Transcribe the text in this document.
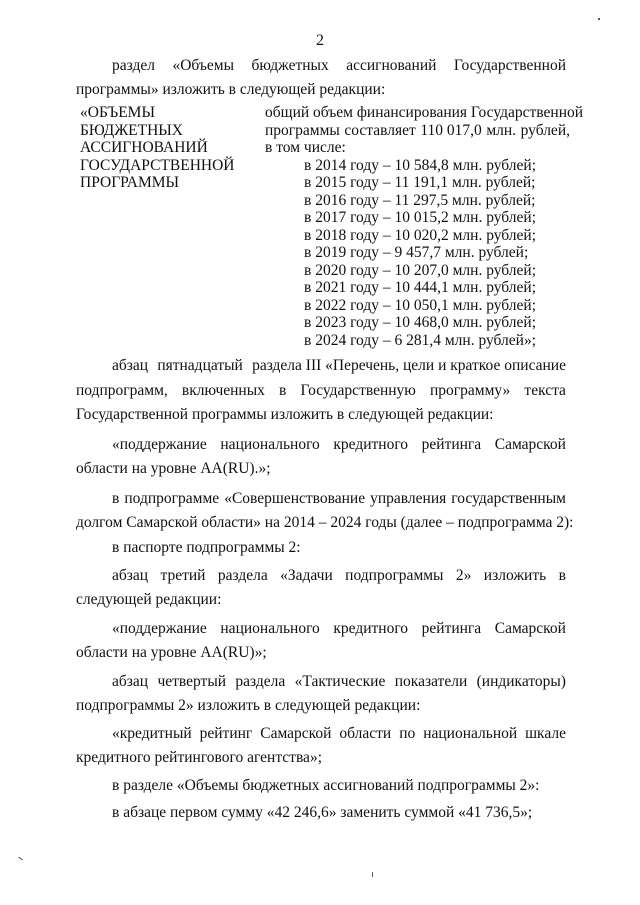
2
раздел «Объемы бюджетных ассигнований Государственной
программы» изложить в следующей редакции:
«ОБЪЕМЫ
БЮДЖЕТНЫХ
АССИГНОВАНИЙ
ГОСУДАРСТВЕННОЙ
ПРОГРАММЫ
общий объем финансирования Государственной
программы составляет 110 017,0 млн. рублей,
в том числе:
в 2014 году – 10 584,8 млн. рублей;
в 2015 году – 11 191,1 млн. рублей;
в 2016 году – 11 297,5 млн. рублей;
в 2017 году – 10 015,2 млн. рублей;
в 2018 году – 10 020,2 млн. рублей;
в 2019 году – 9 457,7 млн. рублей;
в 2020 году – 10 207,0 млн. рублей;
в 2021 году – 10 444,1 млн. рублей;
в 2022 году – 10 050,1 млн. рублей;
в 2023 году – 10 468,0 млн. рублей;
в 2024 году – 6 281,4 млн. рублей»;
абзац пятнадцатый раздела III «Перечень, цели и краткое описание
подпрограмм, включенных в Государственную программу» текста
Государственной программы изложить в следующей редакции:
«поддержание национального кредитного рейтинга Самарской
области на уровне AA(RU).»;
в подпрограмме «Совершенствование управления государственным
долгом Самарской области» на 2014 – 2024 годы (далее – подпрограмма 2):
в паспорте подпрограммы 2:
абзац третий раздела «Задачи подпрограммы 2» изложить в
следующей редакции:
«поддержание национального кредитного рейтинга Самарской
области на уровне AA(RU)»;
абзац четвертый раздела «Тактические показатели (индикаторы)
подпрограммы 2» изложить в следующей редакции:
«кредитный рейтинг Самарской области по национальной шкале
кредитного рейтингового агентства»;
в разделе «Объемы бюджетных ассигнований подпрограммы 2»:
в абзаце первом сумму «42 246,6» заменить суммой «41 736,5»;
